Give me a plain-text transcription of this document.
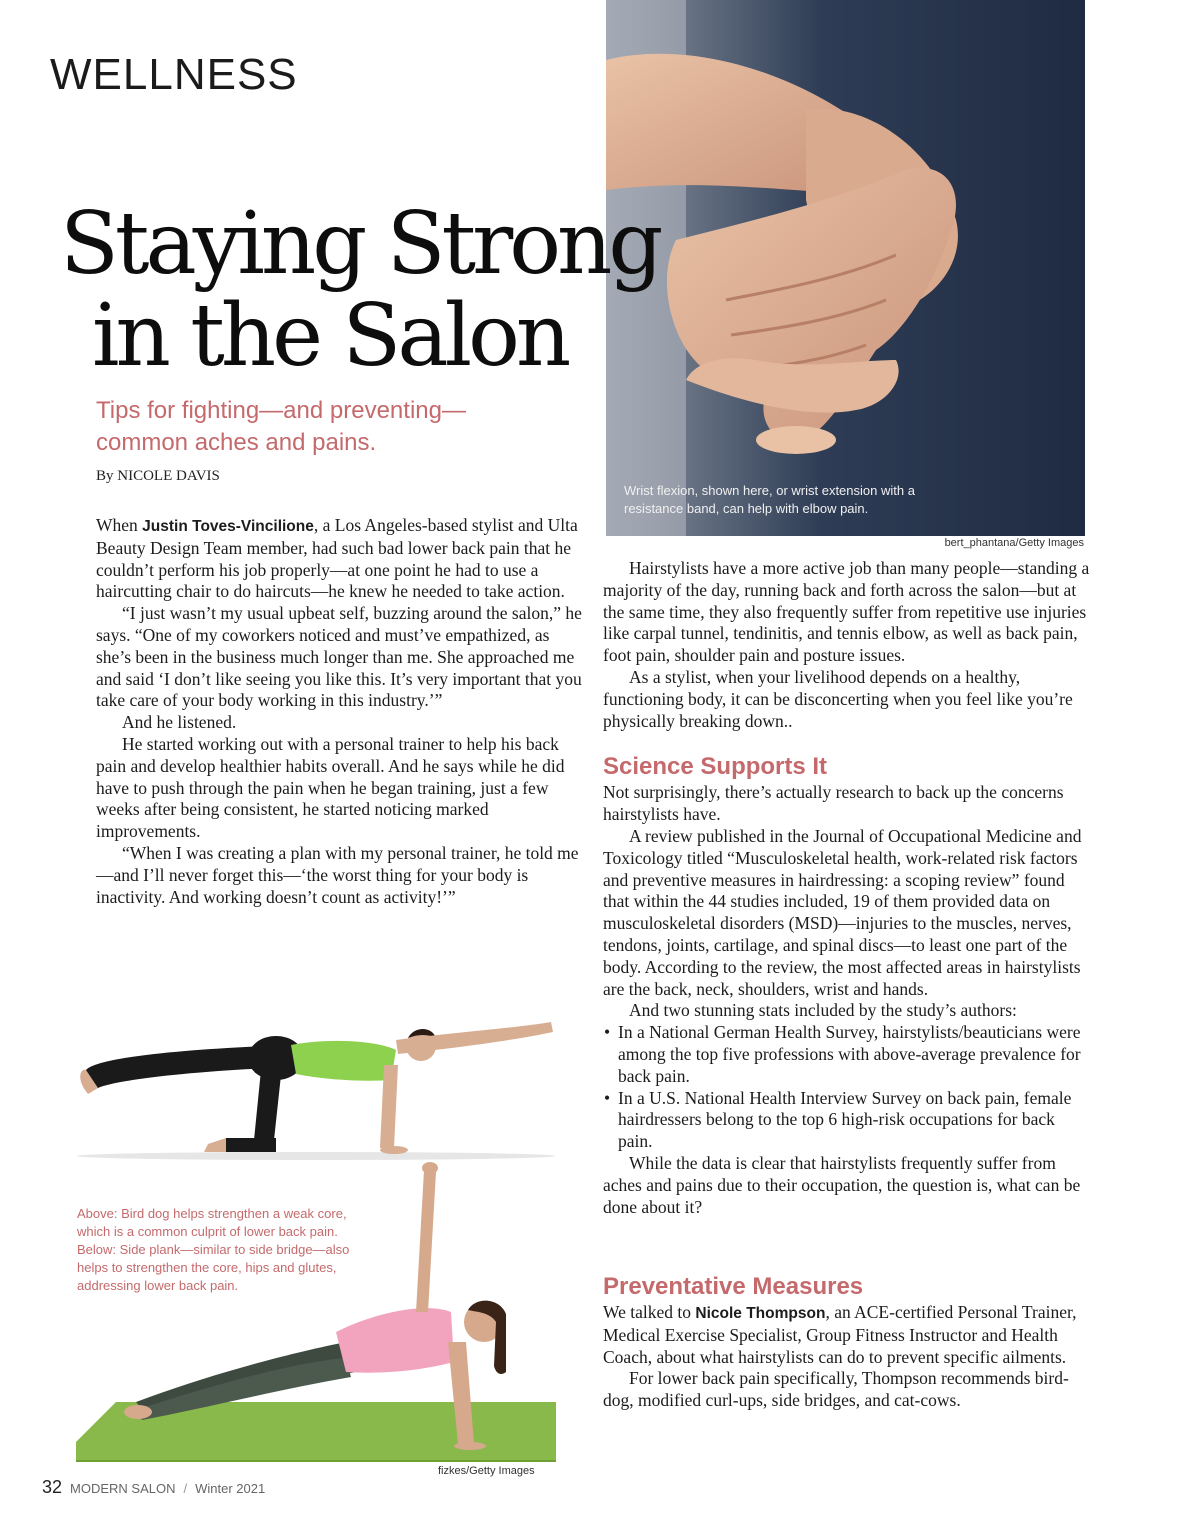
WELLNESS
Wrist flexion, shown here, or wrist extension with a resistance band, can help with elbow pain.
bert_phantana/Getty Images
Staying Strong
in the Salon
Tips for fighting—and preventing—common aches and pains.
By NICOLE DAVIS

When Justin Toves-Vincilione, a Los Angeles-based stylist and Ulta Beauty Design Team member, had such bad lower back pain that he couldn’t perform his job properly—at one point he had to use a haircutting chair to do haircuts—he knew he needed to take action.

“I just wasn’t my usual upbeat self, buzzing around the salon,” he says. “One of my coworkers noticed and must’ve empathized, as she’s been in the business much longer than me. She approached me and said ‘I don’t like seeing you like this. It’s very important that you take care of your body working in this industry.’”

And he listened.

He started working out with a personal trainer to help his back pain and develop healthier habits overall. And he says while he did have to push through the pain when he began training, just a few weeks after being consistent, he started noticing marked improvements.

“When I was creating a plan with my personal trainer, he told me—and I’ll never forget this—‘the worst thing for your body is inactivity. And working doesn’t count as activity!’”

Hairstylists have a more active job than many people—standing a majority of the day, running back and forth across the salon—but at the same time, they also frequently suffer from repetitive use injuries like carpal tunnel, tendinitis, and tennis elbow, as well as back pain, foot pain, shoulder pain and posture issues.

As a stylist, when your livelihood depends on a healthy, functioning body, it can be disconcerting when you feel like you’re physically breaking down..

Science Supports It

Not surprisingly, there’s actually research to back up the concerns hairstylists have.

A review published in the Journal of Occupational Medicine and Toxicology titled “Musculoskeletal health, work-related risk factors and preventive measures in hairdressing: a scoping review” found that within the 44 studies included, 19 of them provided data on musculoskeletal disorders (MSD)—injuries to the muscles, nerves, tendons, joints, cartilage, and spinal discs—to least one part of the body. According to the review, the most affected areas in hairstylists are the back, neck, shoulders, wrist and hands.

And two stunning stats included by the study’s authors:

• In a National German Health Survey, hairstylists/beauticians were among the top five professions with above-average prevalence for back pain.
• In a U.S. National Health Interview Survey on back pain, female hairdressers belong to the top 6 high-risk occupations for back pain.

While the data is clear that hairstylists frequently suffer from aches and pains due to their occupation, the question is, what can be done about it?

Preventative Measures

We talked to Nicole Thompson, an ACE-certified Personal Trainer, Medical Exercise Specialist, Group Fitness Instructor and Health Coach, about what hairstylists can do to prevent specific ailments.

For lower back pain specifically, Thompson recommends bird-dog, modified curl-ups, side bridges, and cat-cows.

Above: Bird dog helps strengthen a weak core, which is a common culprit of lower back pain. Below: Side plank—similar to side bridge—also helps to strengthen the core, hips and glutes, addressing lower back pain.
fizkes/Getty Images
32 MODERN SALON / Winter 2021
